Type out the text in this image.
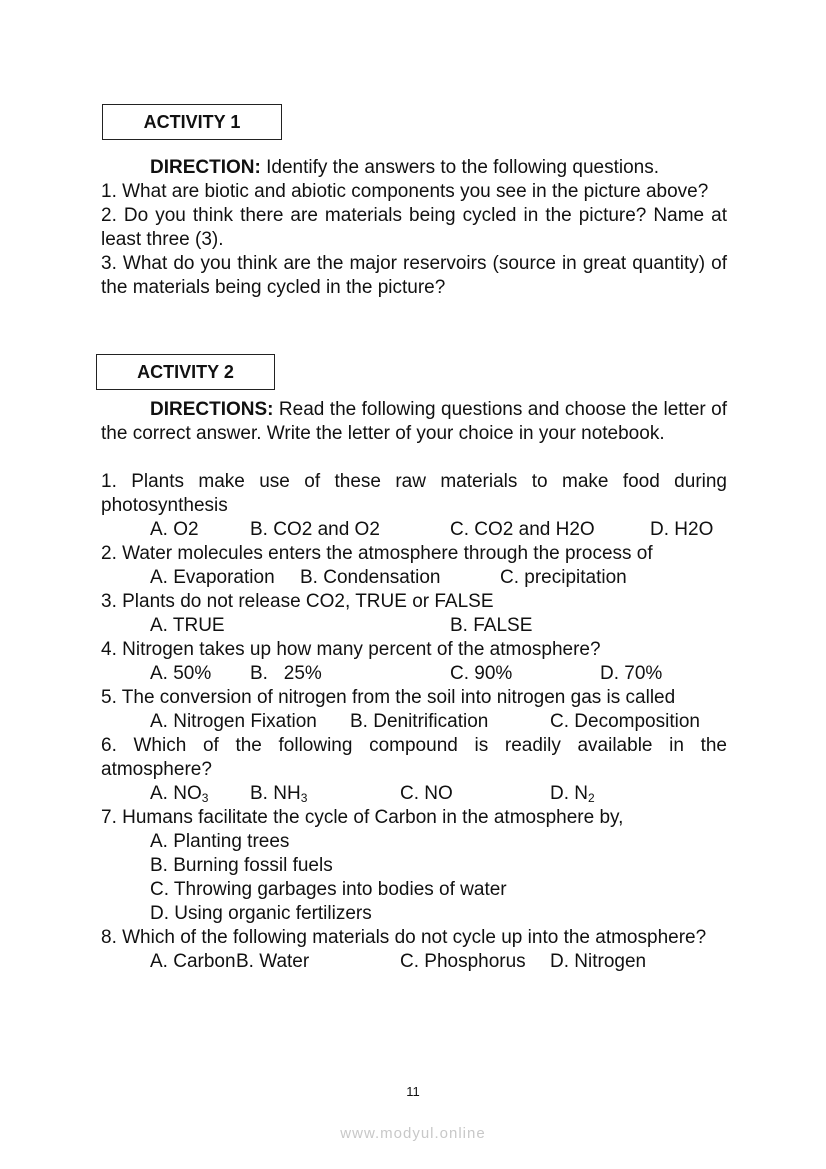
ACTIVITY 1

DIRECTION: Identify the answers to the following questions.

1. What are biotic and abiotic components you see in the picture above?

2. Do you think there are materials being cycled in the picture? Name at least three (3).

3. What do you think are the major reservoirs (source in great quantity) of the materials being cycled in the picture?

ACTIVITY 2

DIRECTIONS: Read the following questions and choose the letter of the correct answer. Write the letter of your choice in your notebook.

1. Plants make use of these raw materials to make food during photosynthesis

A. O2	B. CO2 and O2	C. CO2 and H2O	D. H2O

2. Water molecules enters the atmosphere through the process of

A. Evaporation B. Condensation	C. precipitation

3. Plants do not release CO2, TRUE or FALSE

A. TRUE	B. FALSE

4. Nitrogen takes up how many percent of the atmosphere?

A. 50% B.   25%	C. 90%	D. 70%

5. The conversion of nitrogen from the soil into nitrogen gas is called

A. Nitrogen Fixation B. Denitrification	C. Decomposition

6. Which of the following compound is readily available in the atmosphere?

A. $NO_3$ B. $NH_3$	C. NO	D. $N_2$

7. Humans facilitate the cycle of Carbon in the atmosphere by,

A. Planting trees
B. Burning fossil fuels
C. Throwing garbages into bodies of water
D. Using organic fertilizers

8. Which of the following materials do not cycle up into the atmosphere?

A. Carbon B. Water	C. Phosphorus D. Nitrogen
11
www.modyul.online
